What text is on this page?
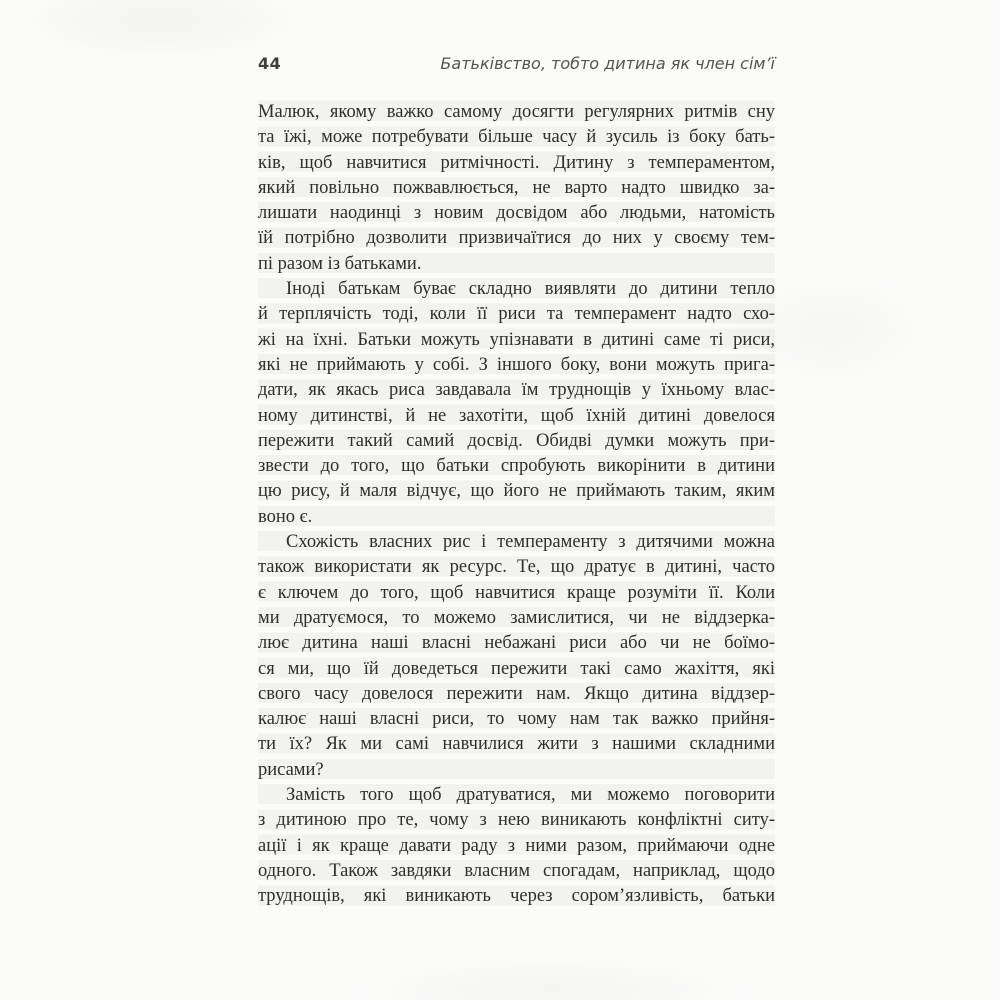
44	Батьківство, тобто дитина як член сім’ї
Малюк, якому важко самому досягти регулярних ритмів сну
та їжі, може потребувати більше часу й зусиль із боку бать-
ків, щоб навчитися ритмічності. Дитину з темпераментом,
який повільно пожвавлюється, не варто надто швидко за-
лишати наодинці з новим досвідом або людьми, натомість
їй потрібно дозволити призвичаїтися до них у своєму тем-
пі разом із батьками.
Іноді батькам буває складно виявляти до дитини тепло
й терплячість тоді, коли її риси та темперамент надто схо-
жі на їхні. Батьки можуть упізнавати в дитині саме ті риси,
які не приймають у собі. З іншого боку, вони можуть прига-
дати, як якась риса завдавала їм труднощів у їхньому влас-
ному дитинстві, й не захотіти, щоб їхній дитині довелося
пережити такий самий досвід. Обидві думки можуть при-
звести до того, що батьки спробують викорінити в дитини
цю рису, й маля відчує, що його не приймають таким, яким
воно є.
Схожість власних рис і темпераменту з дитячими можна
також використати як ресурс. Те, що дратує в дитині, часто
є ключем до того, щоб навчитися краще розуміти її. Коли
ми дратуємося, то можемо замислитися, чи не віддзерка-
лює дитина наші власні небажані риси або чи не боїмо-
ся ми, що їй доведеться пережити такі само жахіття, які
свого часу довелося пережити нам. Якщо дитина віддзер-
калює наші власні риси, то чому нам так важко прийня-
ти їх? Як ми самі навчилися жити з нашими складними
рисами?
Замість того щоб дратуватися, ми можемо поговорити
з дитиною про те, чому з нею виникають конфліктні ситу-
ації і як краще давати раду з ними разом, приймаючи одне
одного. Також завдяки власним спогадам, наприклад, щодо
труднощів, які виникають через сором’язливість, батьки
